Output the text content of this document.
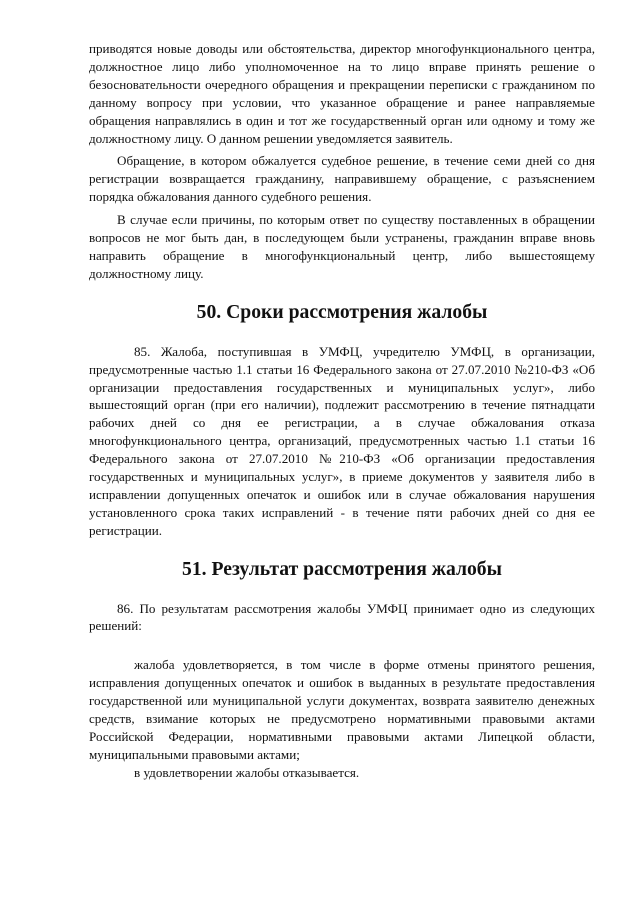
приводятся новые доводы или обстоятельства, директор многофункционального центра, должностное лицо либо уполномоченное на то лицо вправе принять решение о безосновательности очередного обращения и прекращении переписки с гражданином по данному вопросу при условии, что указанное обращение и ранее направляемые обращения направлялись в один и тот же государственный орган или одному и тому же должностному лицу. О данном решении уведомляется заявитель.

Обращение, в котором обжалуется судебное решение, в течение семи дней со дня регистрации возвращается гражданину, направившему обращение, с разъяснением порядка обжалования данного судебного решения.

В случае если причины, по которым ответ по существу поставленных в обращении вопросов не мог быть дан, в последующем были устранены, гражданин вправе вновь направить обращение в многофункциональный центр, либо вышестоящему должностному лицу.

50. Сроки рассмотрения жалобы

85. Жалоба, поступившая в УМФЦ, учредителю УМФЦ, в организации, предусмотренные частью 1.1 статьи 16 Федерального закона от 27.07.2010 №210-ФЗ «Об организации предоставления государственных и муниципальных услуг», либо вышестоящий орган (при его наличии), подлежит рассмотрению в течение пятнадцати рабочих дней со дня ее регистрации, а в случае обжалования отказа многофункционального центра, организаций, предусмотренных частью 1.1 статьи 16 Федерального закона от 27.07.2010 №210-ФЗ «Об организации предоставления государственных и муниципальных услуг», в приеме документов у заявителя либо в исправлении допущенных опечаток и ошибок или в случае обжалования нарушения установленного срока таких исправлений - в течение пяти рабочих дней со дня ее регистрации.

51. Результат рассмотрения жалобы

86. По результатам рассмотрения жалобы УМФЦ принимает одно из следующих решений:

жалоба удовлетворяется, в том числе в форме отмены принятого решения, исправления допущенных опечаток и ошибок в выданных в результате предоставления государственной или муниципальной услуги документах, возврата заявителю денежных средств, взимание которых не предусмотрено нормативными правовыми актами Российской Федерации, нормативными правовыми актами Липецкой области, муниципальными правовыми актами;

в удовлетворении жалобы отказывается.
